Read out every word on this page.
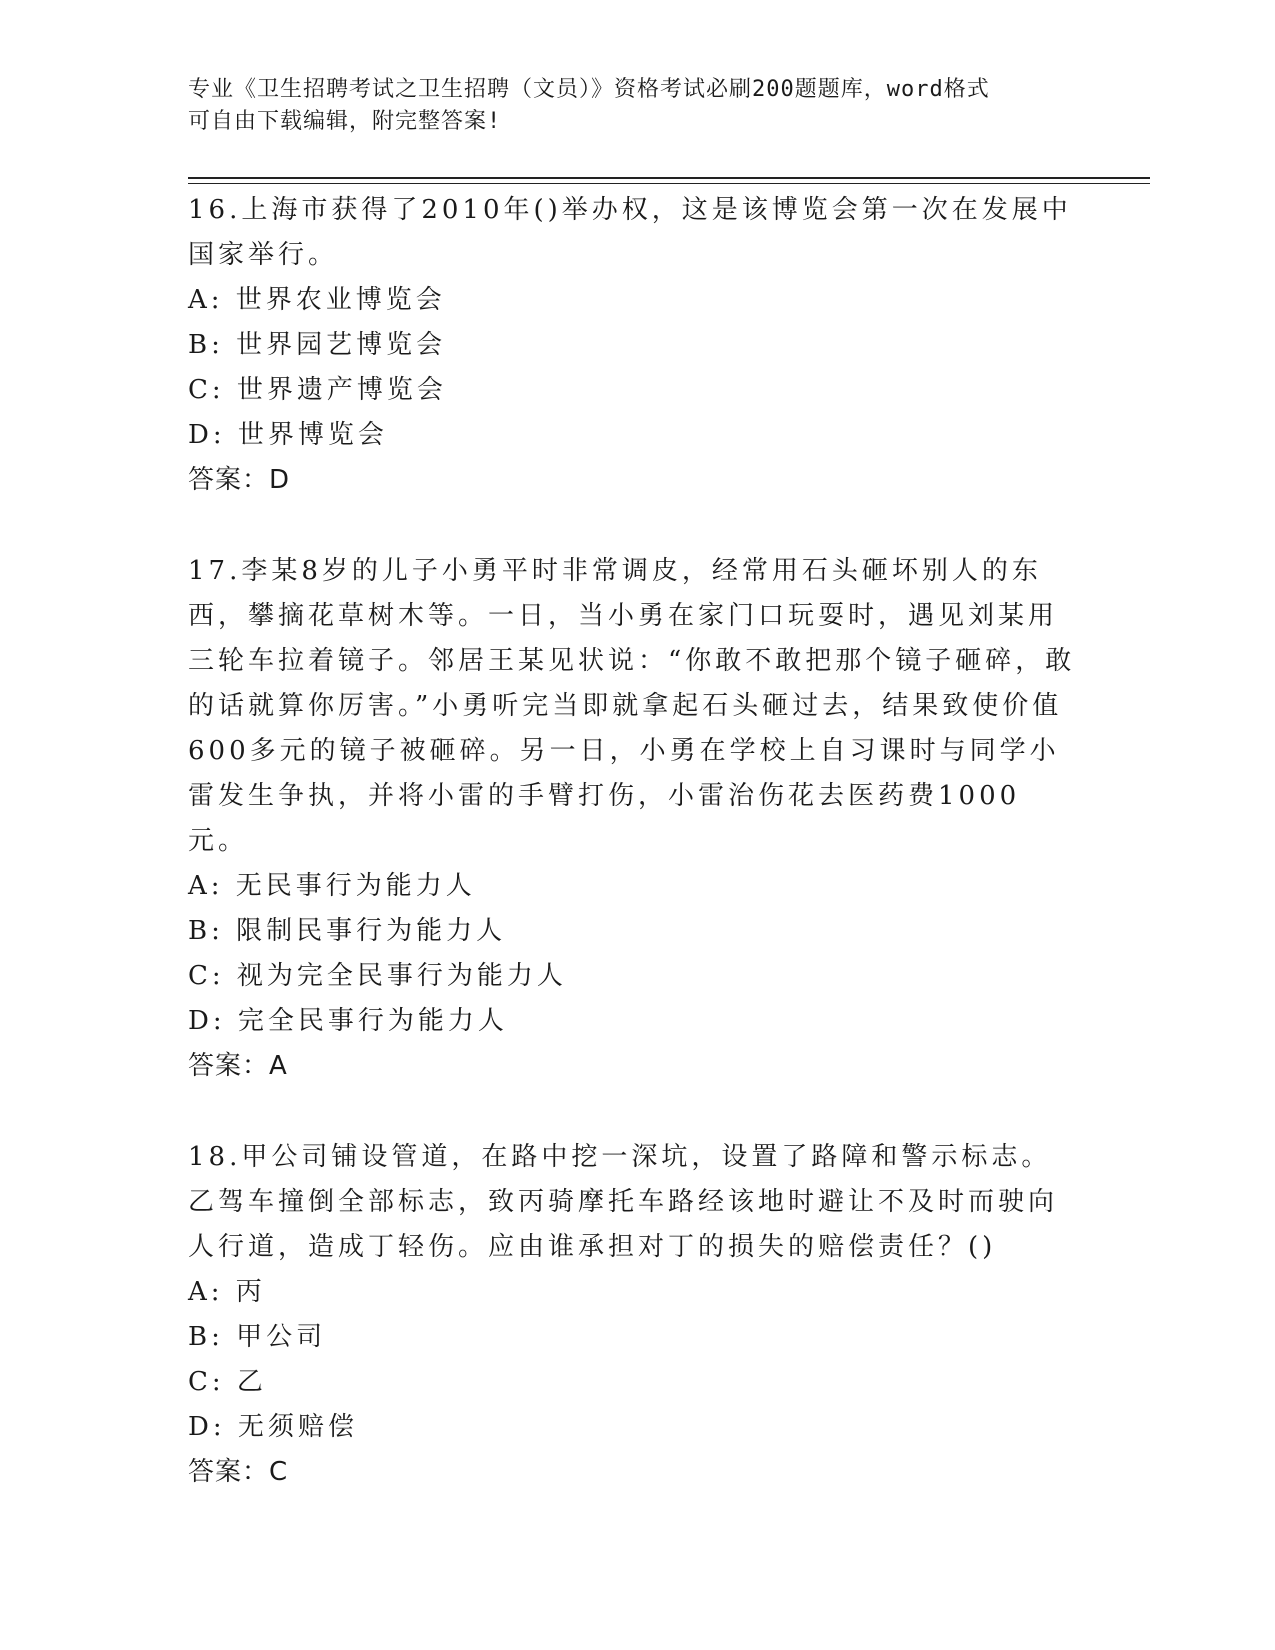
专业《卫生招聘考试之卫生招聘（文员）》资格考试必刷200题题库，word格式
可自由下载编辑，附完整答案!
16.上海市获得了2010年()举办权，这是该博览会第一次在发展中国家举行。
A: 世界农业博览会
B: 世界园艺博览会
C: 世界遗产博览会
D: 世界博览会
答案：D
17.李某8岁的儿子小勇平时非常调皮，经常用石头砸坏别人的东西，攀摘花草树木等。一日，当小勇在家门口玩耍时，遇见刘某用三轮车拉着镜子。邻居王某见状说：“你敢不敢把那个镜子砸碎，敢的话就算你厉害。”小勇听完当即就拿起石头砸过去，结果致使价值600多元的镜子被砸碎。另一日，小勇在学校上自习课时与同学小雷发生争执，并将小雷的手臂打伤，小雷治伤花去医药费1000元。
A: 无民事行为能力人
B: 限制民事行为能力人
C: 视为完全民事行为能力人
D: 完全民事行为能力人
答案：A
18.甲公司铺设管道，在路中挖一深坑，设置了路障和警示标志。乙驾车撞倒全部标志，致丙骑摩托车路经该地时避让不及时而驶向人行道，造成丁轻伤。应由谁承担对丁的损失的赔偿责任？()
A: 丙
B: 甲公司
C: 乙
D: 无须赔偿
答案：C
